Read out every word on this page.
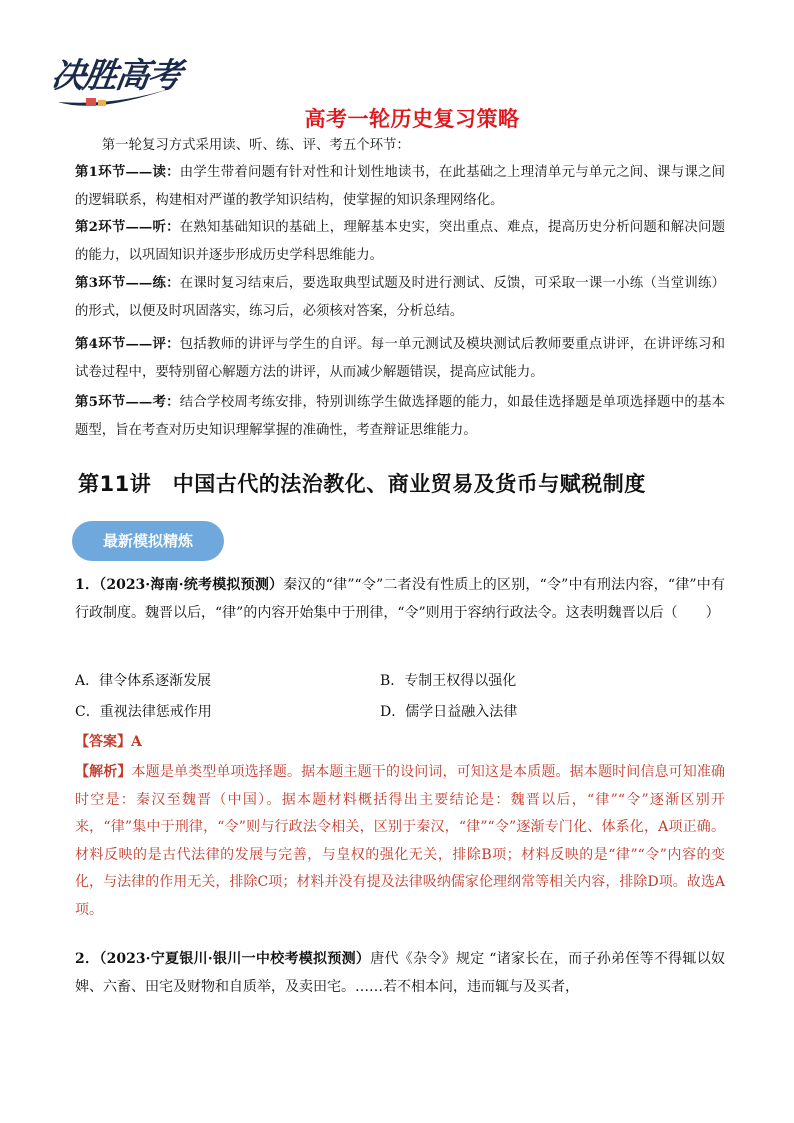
决胜高考
高考一轮历史复习策略
第一轮复习方式采用读、听、练、评、考五个环节：
第1环节——读：由学生带着问题有针对性和计划性地读书，在此基础之上理清单元与单元之间、课与课之间的逻辑联系，构建相对严谨的教学知识结构，使掌握的知识条理网络化。
第2环节——听：在熟知基础知识的基础上，理解基本史实，突出重点、难点，提高历史分析问题和解决问题的能力，以巩固知识并逐步形成历史学科思维能力。
第3环节——练：在课时复习结束后，要选取典型试题及时进行测试、反馈，可采取一课一小练（当堂训练）的形式，以便及时巩固落实，练习后，必须核对答案，分析总结。
第4环节——评：包括教师的讲评与学生的自评。每一单元测试及模块测试后教师要重点讲评，在讲评练习和试卷过程中，要特别留心解题方法的讲评，从而减少解题错误，提高应试能力。
第5环节——考：结合学校周考练安排，特别训练学生做选择题的能力，如最佳选择题是单项选择题中的基本题型，旨在考查对历史知识理解掌握的准确性，考查辩证思维能力。
第11讲　中国古代的法治教化、商业贸易及货币与赋税制度
最新模拟精炼
1．（2023·海南·统考模拟预测）秦汉的“律”“令”二者没有性质上的区别，“令”中有刑法内容，“律”中有行政制度。魏晋以后，“律”的内容开始集中于刑律，“令”则用于容纳行政法令。这表明魏晋以后（　　）
A．律令体系逐渐发展	B．专制王权得以强化
C．重视法律惩戒作用	D．儒学日益融入法律
【答案】A
【解析】本题是单类型单项选择题。据本题主题干的设问词，可知这是本质题。据本题时间信息可知准确时空是：秦汉至魏晋（中国）。据本题材料概括得出主要结论是：魏晋以后，“律”“令”逐渐区别开来，“律”集中于刑律，“令”则与行政法令相关，区别于秦汉，“律”“令”逐渐专门化、体系化，A项正确。材料反映的是古代法律的发展与完善，与皇权的强化无关，排除B项；材料反映的是“律”“令”内容的变化，与法律的作用无关，排除C项；材料并没有提及法律吸纳儒家伦理纲常等相关内容，排除D项。故选A项。
2．（2023·宁夏银川·银川一中校考模拟预测）唐代《杂令》规定 “诸家长在，而子孙弟侄等不得辄以奴婢、六畜、田宅及财物和自质举，及卖田宅。……若不相本问，违而辄与及买者，
